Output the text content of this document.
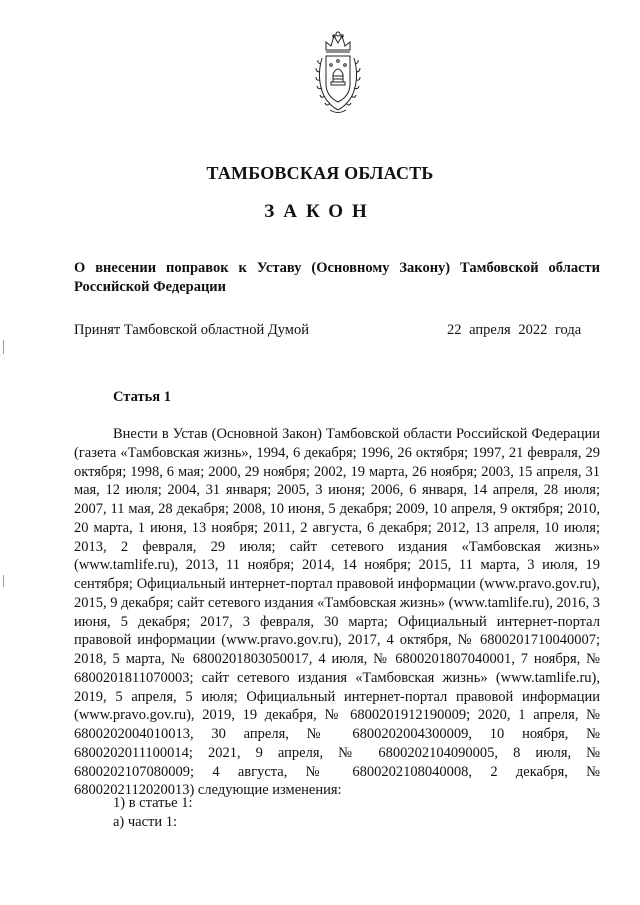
ТАМБОВСКАЯ ОБЛАСТЬ

ЗАКОН

О внесении поправок к Уставу (Основному Закону) Тамбовской области Российской Федерации

Принят Тамбовской областной Думой	22 апреля 2022 года

Статья 1

Внести в Устав (Основной Закон) Тамбовской области Российской Федерации (газета «Тамбовская жизнь», 1994, 6 декабря; 1996, 26 октября; 1997, 21 февраля, 29 октября; 1998, 6 мая; 2000, 29 ноября; 2002, 19 марта, 26 ноября; 2003, 15 апреля, 31 мая, 12 июля; 2004, 31 января; 2005, 3 июня; 2006, 6 января, 14 апреля, 28 июля; 2007, 11 мая, 28 декабря; 2008, 10 июня, 5 декабря; 2009, 10 апреля, 9 октября; 2010, 20 марта, 1 июня, 13 ноября; 2011, 2 августа, 6 декабря; 2012, 13 апреля, 10 июля; 2013, 2 февраля, 29 июля; сайт сетевого издания «Тамбовская жизнь» (www.tamlife.ru), 2013, 11 ноября; 2014, 14 ноября; 2015, 11 марта, 3 июля, 19 сентября; Официальный интернет-портал правовой информации (www.pravo.gov.ru), 2015, 9 декабря; сайт сетевого издания «Тамбовская жизнь» (www.tamlife.ru), 2016, 3 июня, 5 декабря; 2017, 3 февраля, 30 марта; Официальный интернет-портал правовой информации (www.pravo.gov.ru), 2017, 4 октября, № 6800201710040007; 2018, 5 марта, № 6800201803050017, 4 июля, № 6800201807040001, 7 ноября, № 6800201811070003; сайт сетевого издания «Тамбовская жизнь» (www.tamlife.ru), 2019, 5 апреля, 5 июля; Официальный интернет-портал правовой информации (www.pravo.gov.ru), 2019, 19 декабря, № 6800201912190009; 2020, 1 апреля, № 6800202004010013, 30 апреля, № 6800202004300009, 10 ноября, № 6800202011100014; 2021, 9 апреля, № 6800202104090005, 8 июля, № 6800202107080009; 4 августа, № 6800202108040008, 2 декабря, № 6800202112020013) следующие изменения:

1) в статье 1:

а) части 1:
